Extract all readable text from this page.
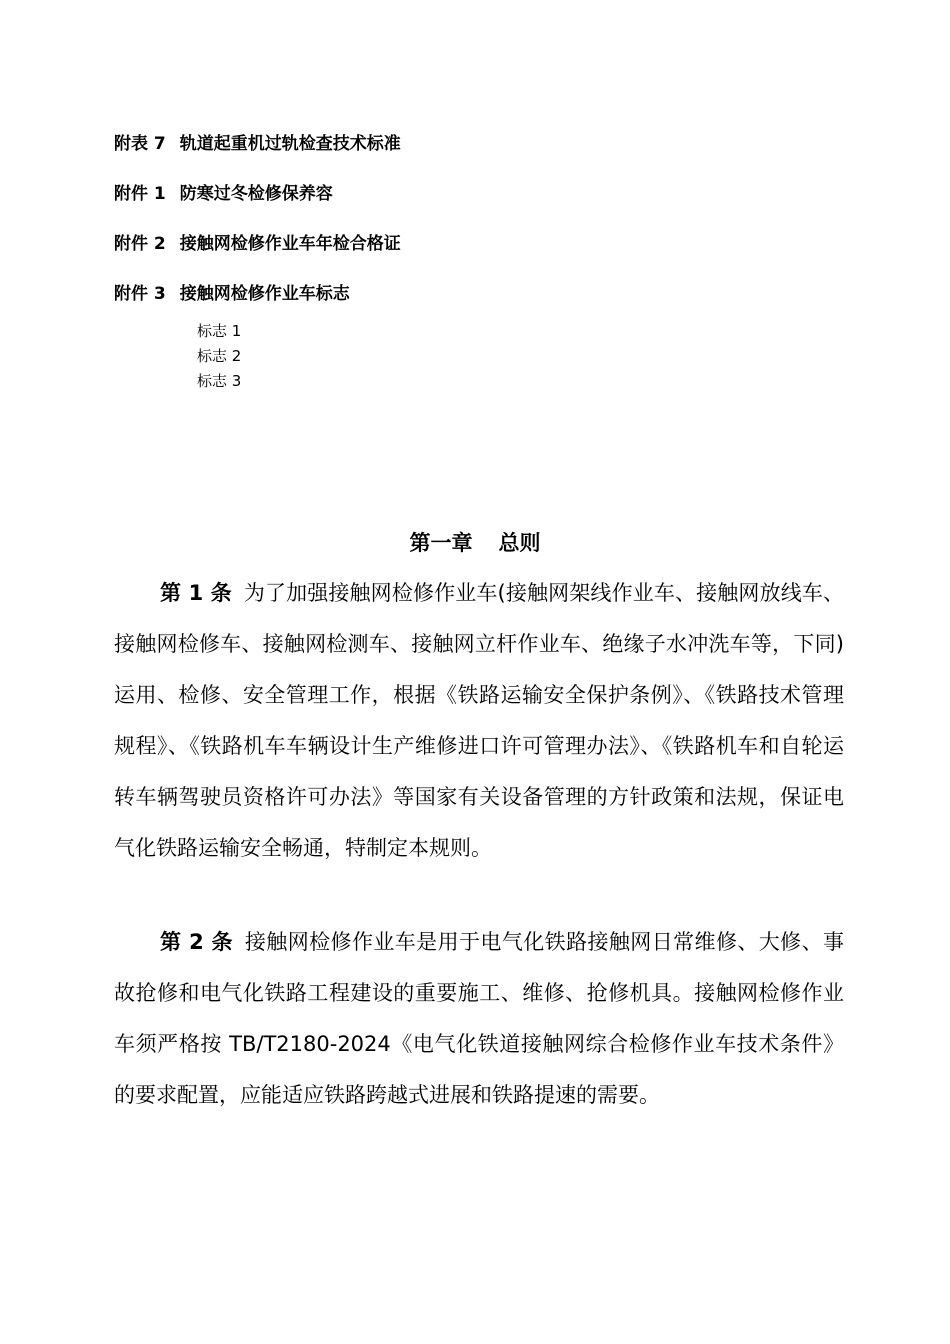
附表 7 轨道起重机过轨检查技术标准
附件 1 防寒过冬检修保养容
附件 2 接触网检修作业车年检合格证
附件 3 接触网检修作业车标志
标志 1
标志 2
标志 3
第一章 总则

第 1 条 为了加强接触网检修作业车(接触网架线作业车、接触网放线车、接触网检修车、接触网检测车、接触网立杆作业车、绝缘子水冲洗车等，下同)运用、检修、安全管理工作，根据《铁路运输安全保护条例》、《铁路技术管理规程》、《铁路机车车辆设计生产维修进口许可管理办法》、《铁路机车和自轮运转车辆驾驶员资格许可办法》等国家有关设备管理的方针政策和法规，保证电气化铁路运输安全畅通，特制定本规则。

第 2 条 接触网检修作业车是用于电气化铁路接触网日常维修、大修、事故抢修和电气化铁路工程建设的重要施工、维修、抢修机具。接触网检修作业车须严格按 TB/T2180-2024《电气化铁道接触网综合检修作业车技术条件》的要求配置，应能适应铁路跨越式进展和铁路提速的需要。
